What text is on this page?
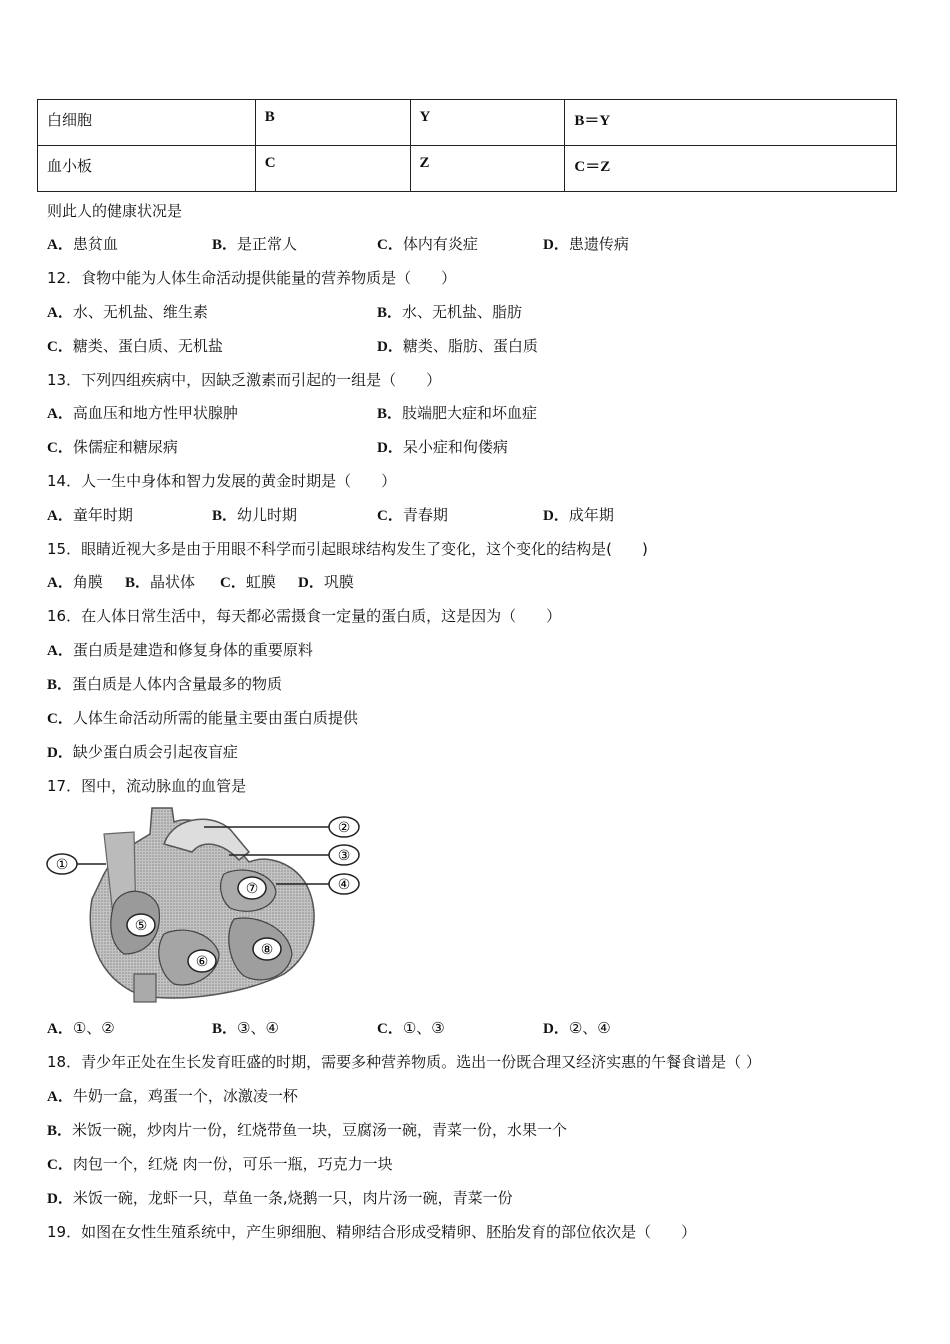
白细胞	B	Y	B＝Y
血小板	C	Z	C＝Z
则此人的健康状况是
A．患贫血	B．是正常人	C．体内有炎症	D．患遗传病
12．食物中能为人体生命活动提供能量的营养物质是（　　）
A．水、无机盐、维生素	B．水、无机盐、脂肪
C．糖类、蛋白质、无机盐	D．糖类、脂肪、蛋白质
13．下列四组疾病中，因缺乏激素而引起的一组是（　　）
A．高血压和地方性甲状腺肿	B．肢端肥大症和坏血症
C．侏儒症和糖尿病	D．呆小症和佝偻病
14．人一生中身体和智力发展的黄金时期是（　　）
A．童年时期	B．幼儿时期	C．青春期	D．成年期
15．眼睛近视大多是由于用眼不科学而引起眼球结构发生了变化，这个变化的结构是(　　)
A．角膜 B．晶状体 C．虹膜 D．巩膜
16．在人体日常生活中，每天都必需摄食一定量的蛋白质，这是因为（　　）
A．蛋白质是建造和修复身体的重要原料
B．蛋白质是人体内含量最多的物质
C．人体生命活动所需的能量主要由蛋白质提供
D．缺少蛋白质会引起夜盲症
17．图中，流动脉血的血管是
①
②
③
④
⑤
⑥
⑦
⑧
A．①、②	B．③、④	C．①、③	D．②、④
18．青少年正处在生长发育旺盛的时期，需要多种营养物质。选出一份既合理又经济实惠的午餐食谱是（ ）
A．牛奶一盒，鸡蛋一个，冰激凌一杯
B．米饭一碗，炒肉片一份，红烧带鱼一块，豆腐汤一碗，青菜一份，水果一个
C．肉包一个，红烧 肉一份，可乐一瓶，巧克力一块
D．米饭一碗，龙虾一只，草鱼一条,烧鹅一只，肉片汤一碗，青菜一份
19．如图在女性生殖系统中，产生卵细胞、精卵结合形成受精卵、胚胎发育的部位依次是（　　）
